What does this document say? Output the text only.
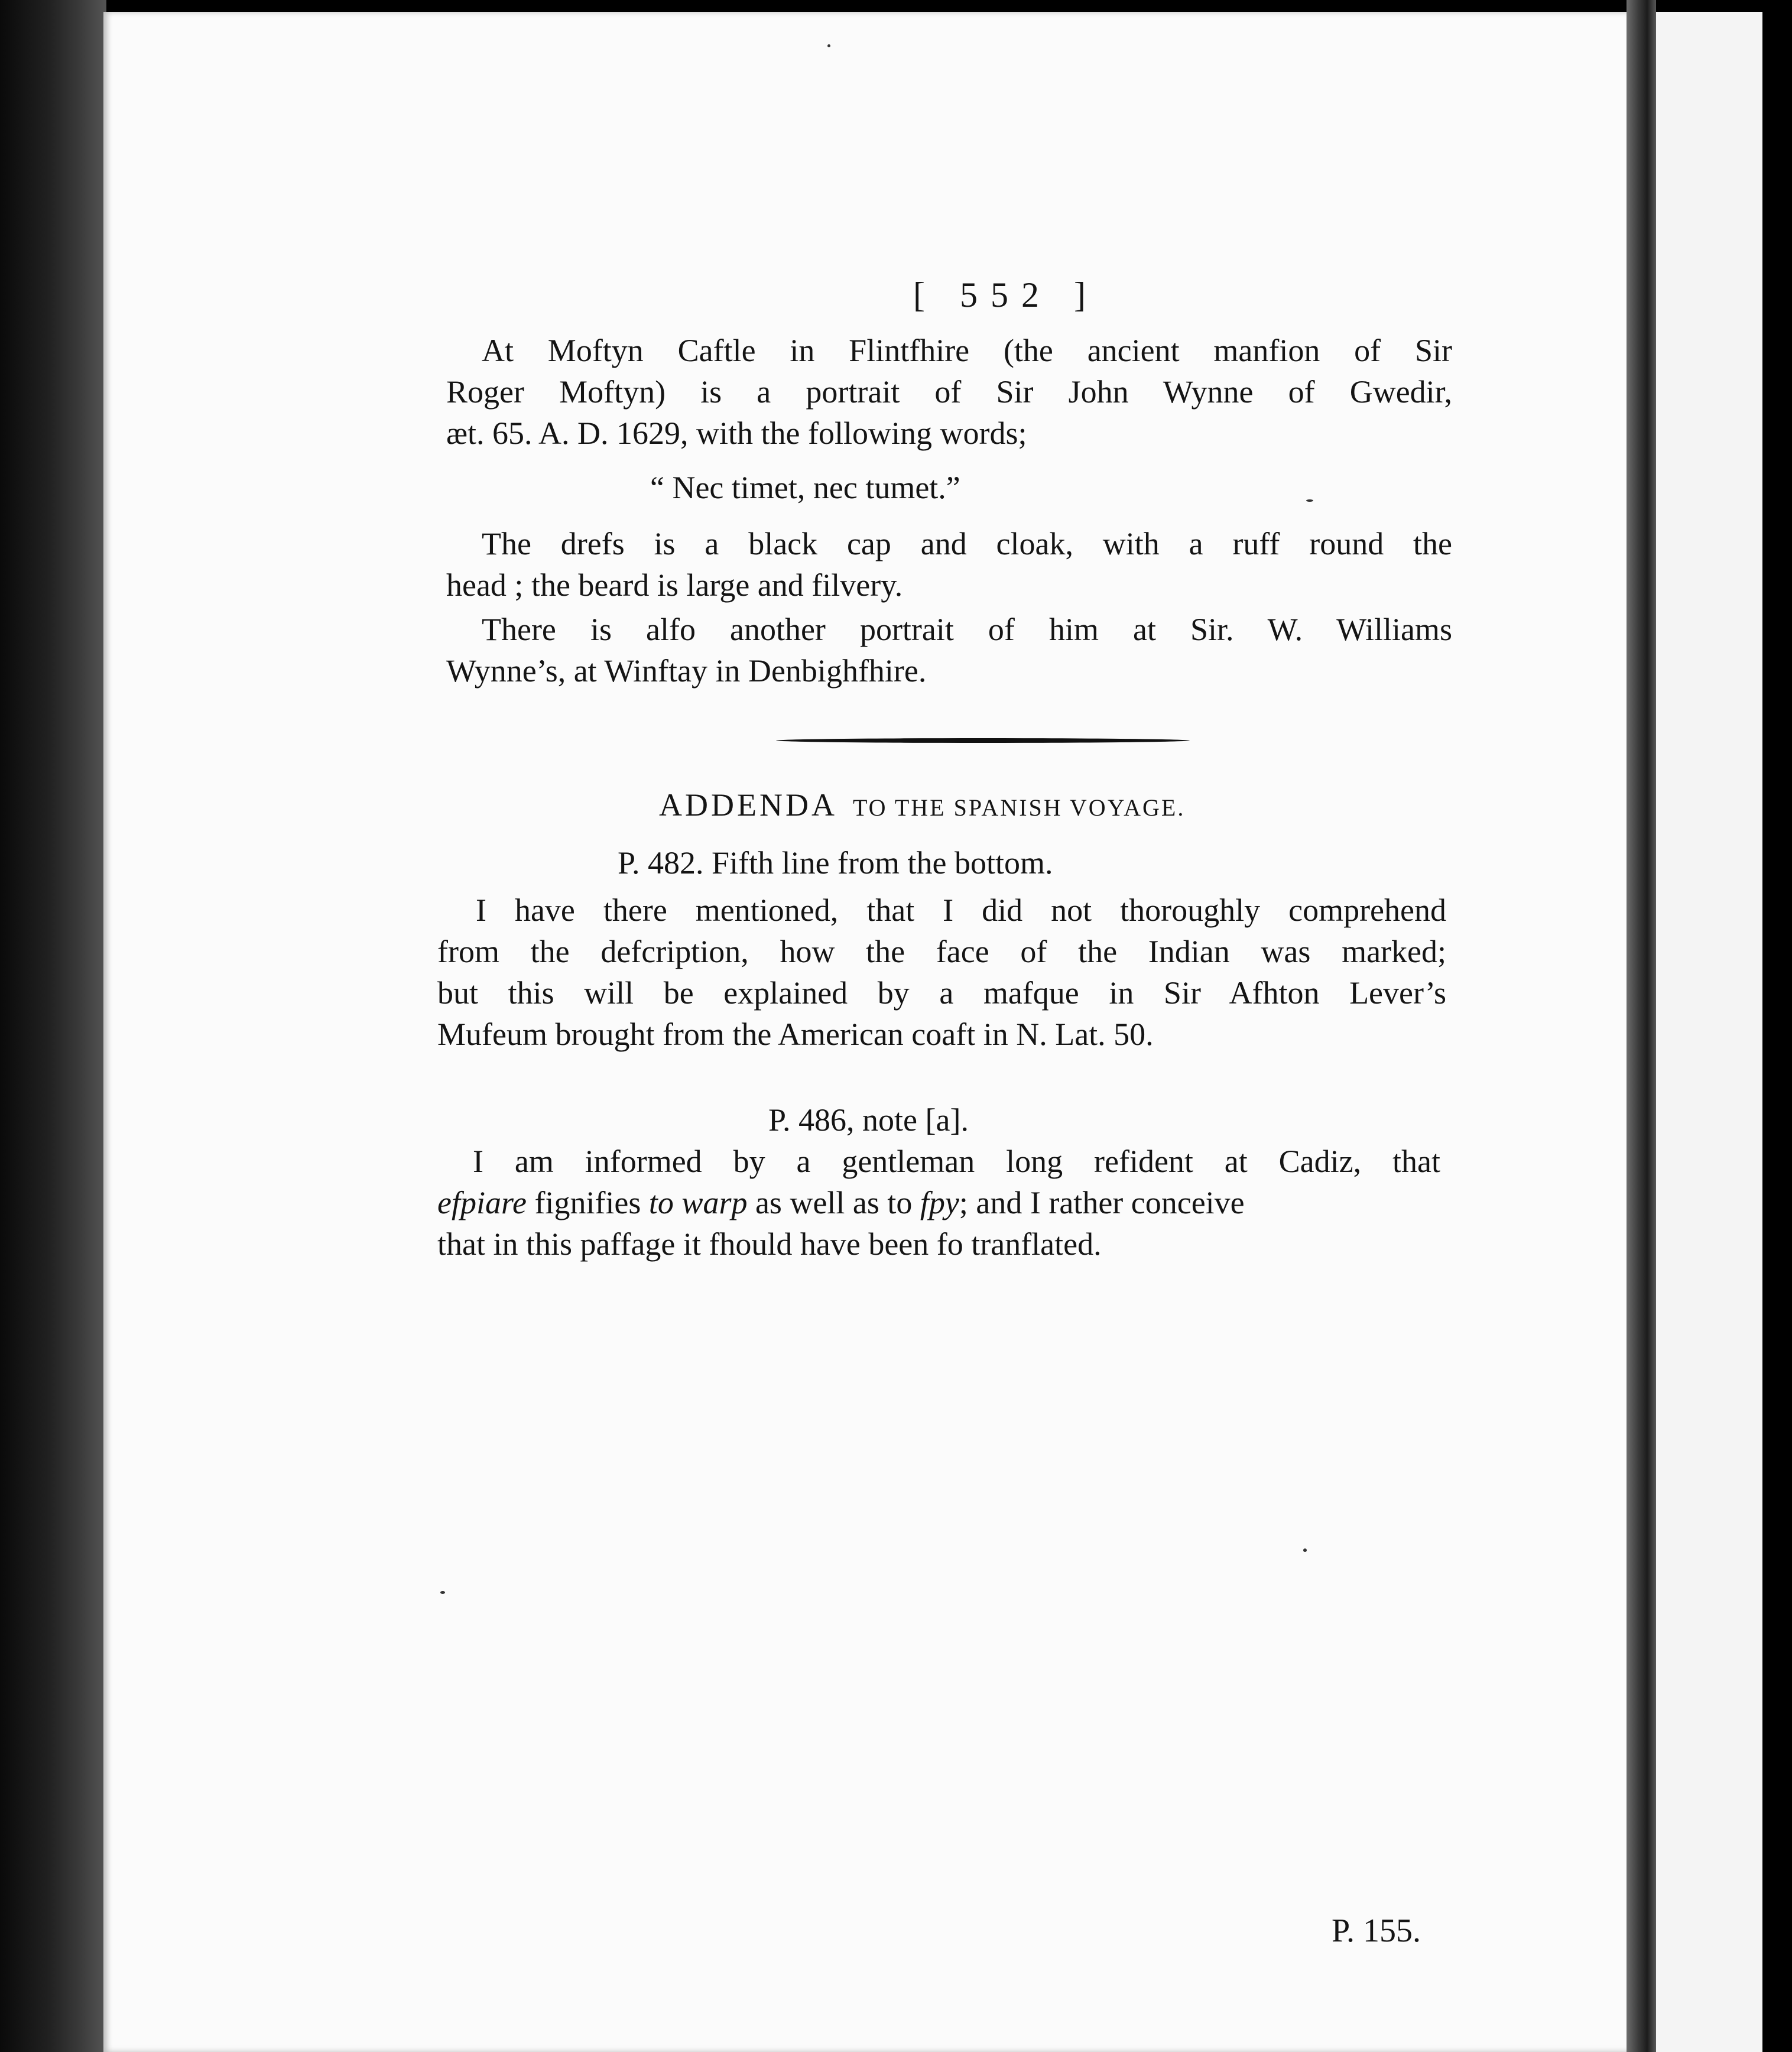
[ 552 ]
At Moftyn Caftle in Flintfhire (the ancient manfion of Sir
Roger Moftyn) is a portrait of Sir John Wynne of Gwedir,
æt. 65. A. D. 1629, with the following words;
“ Nec timet, nec tumet.”
The drefs is a black cap and cloak, with a ruff round the
head ; the beard is large and filvery.
There is alfo another portrait of him at Sir. W. Williams
Wynne’s, at Winftay in Denbighfhire.
ADDENDA TO THE SPANISH VOYAGE.
P. 482. Fifth line from the bottom.
I have there mentioned, that I did not thoroughly comprehend
from the defcription, how the face of the Indian was marked;
but this will be explained by a mafque in Sir Afhton Lever’s
Mufeum brought from the American coaft in N. Lat. 50.
P. 486, note [a].
I am informed by a gentleman long refident at Cadiz, that
efpiare fignifies to warp as well as to fpy; and I rather conceive
that in this paffage it fhould have been fo tranflated.
P. 155.
